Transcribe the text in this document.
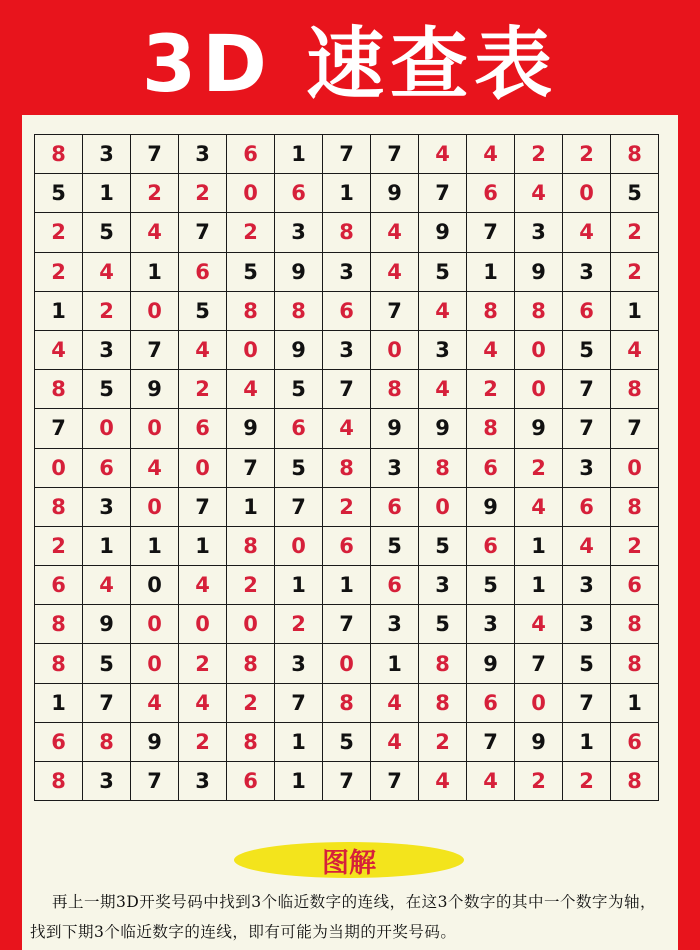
3D 速查表
8	3	7	3	6	1	7	7	4	4	2	2	8
5	1	2	2	0	6	1	9	7	6	4	0	5
2	5	4	7	2	3	8	4	9	7	3	4	2
2	4	1	6	5	9	3	4	5	1	9	3	2
1	2	0	5	8	8	6	7	4	8	8	6	1
4	3	7	4	0	9	3	0	3	4	0	5	4
8	5	9	2	4	5	7	8	4	2	0	7	8
7	0	0	6	9	6	4	9	9	8	9	7	7
0	6	4	0	7	5	8	3	8	6	2	3	0
8	3	0	7	1	7	2	6	0	9	4	6	8
2	1	1	1	8	0	6	5	5	6	1	4	2
6	4	0	4	2	1	1	6	3	5	1	3	6
8	9	0	0	0	2	7	3	5	3	4	3	8
8	5	0	2	8	3	0	1	8	9	7	5	8
1	7	4	4	2	7	8	4	8	6	0	7	1
6	8	9	2	8	1	5	4	2	7	9	1	6
8	3	7	3	6	1	7	7	4	4	2	2	8
图解
再上一期3D开奖号码中找到3个临近数字的连线，在这3个数字的其中一个数字为轴，找到下期3个临近数字的连线，即有可能为当期的开奖号码。
